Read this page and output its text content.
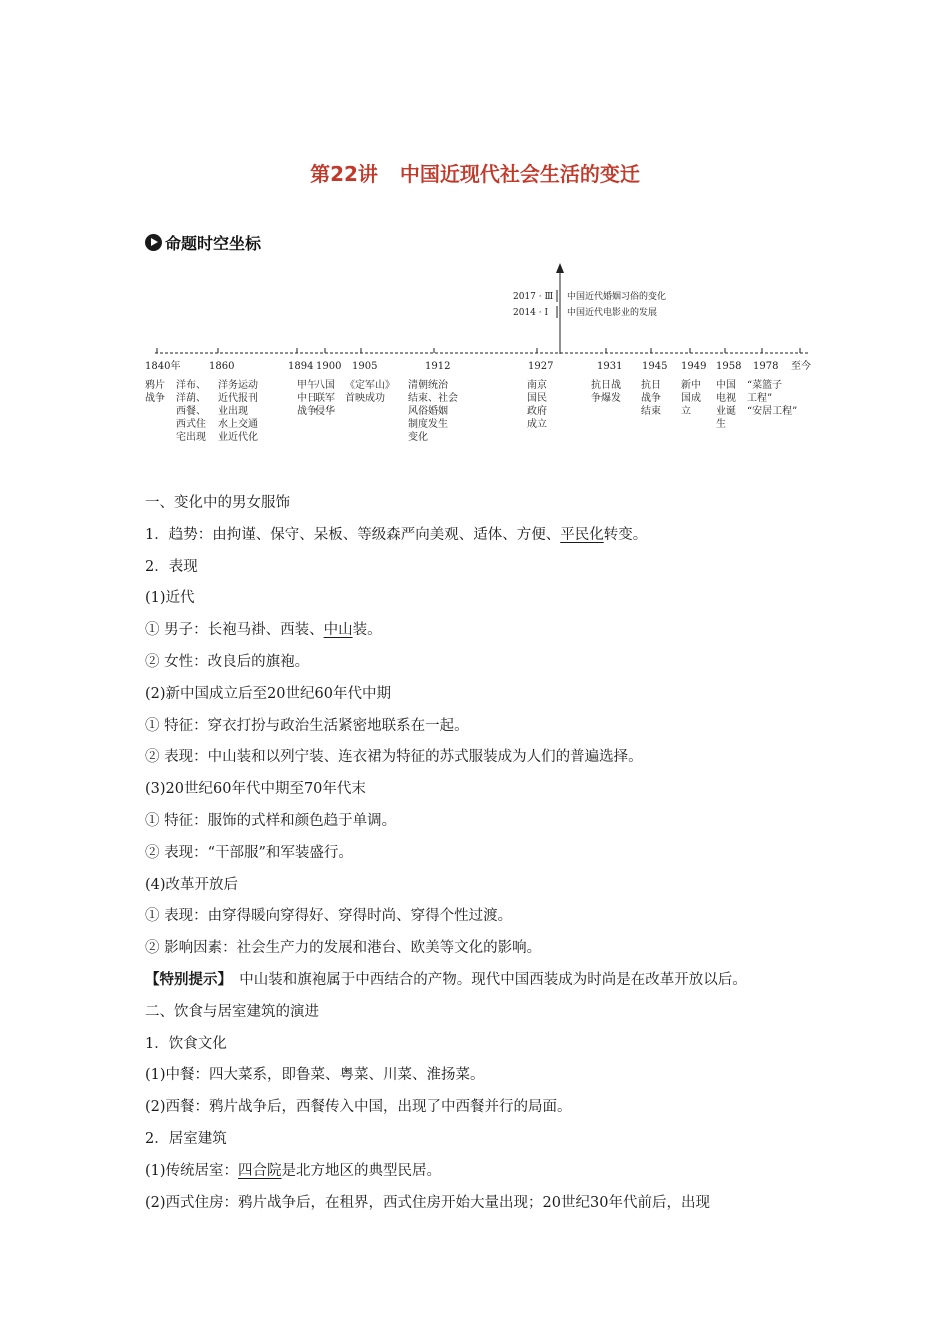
第22讲 中国近现代社会生活的变迁
命题时空坐标
2017 · Ⅲ 中国近代婚姻习俗的变化
2014 · Ⅰ 中国近代电影业的发展
1840年
鸦片
战争
1860
洋布、
洋葫、
西餐、
西式住
宅出现
洋务运动
近代报刊
业出现
水上交通
业近代化
1894
甲午
中日
战争
1900
八国
联军
侵华
1905
《定军山》
首映成功
1912
清朝统治
结束、社会
风俗婚姻
制度发生
变化
1927
南京
国民
政府
成立
1931
抗日战
争爆发
1945
抗日
战争
结束
1949
新中
国成
立
1958
中国
电视
业诞
生
1978
“菜篮子
工程”
“安居工程”
至今
一、变化中的男女服饰
1．趋势：由拘谨、保守、呆板、等级森严向美观、适体、方便、平民化转变。
2．表现
(1)近代
① 男子：长袍马褂、西装、中山装。
② 女性：改良后的旗袍。
(2)新中国成立后至20世纪60年代中期
① 特征：穿衣打扮与政治生活紧密地联系在一起。
② 表现：中山装和以列宁装、连衣裙为特征的苏式服装成为人们的普遍选择。
(3)20世纪60年代中期至70年代末
① 特征：服饰的式样和颜色趋于单调。
② 表现：“干部服”和军装盛行。
(4)改革开放后
① 表现：由穿得暖向穿得好、穿得时尚、穿得个性过渡。
② 影响因素：社会生产力的发展和港台、欧美等文化的影响。
【特别提示】　中山装和旗袍属于中西结合的产物。现代中国西装成为时尚是在改革开放以后。
二、饮食与居室建筑的演进
1．饮食文化
(1)中餐：四大菜系，即鲁菜、粤菜、川菜、淮扬菜。
(2)西餐：鸦片战争后，西餐传入中国，出现了中西餐并行的局面。
2．居室建筑
(1)传统居室：四合院是北方地区的典型民居。
(2)西式住房：鸦片战争后，在租界，西式住房开始大量出现；20世纪30年代前后，出现
